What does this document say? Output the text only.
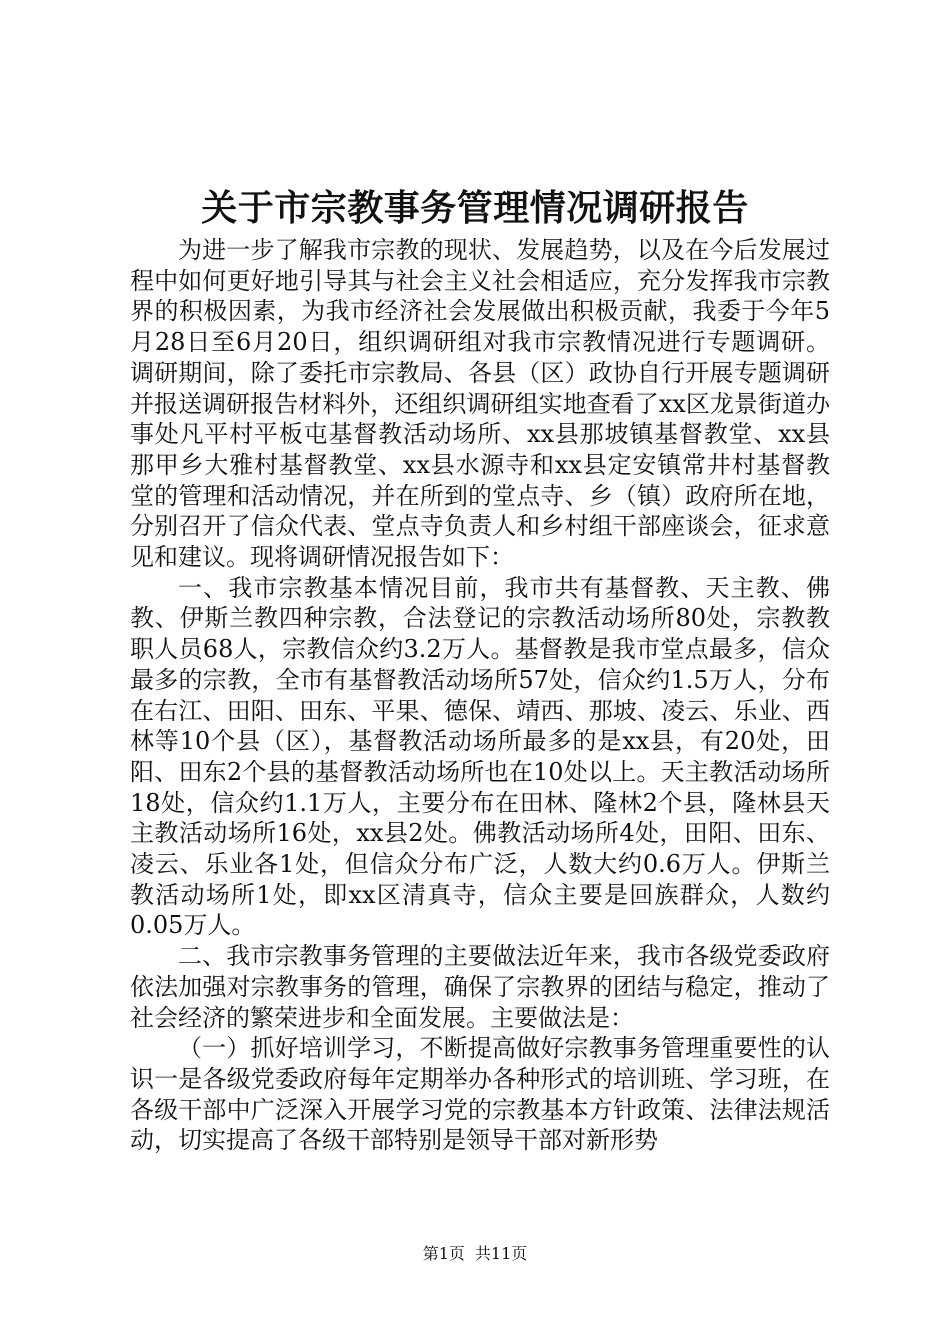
关于市宗教事务管理情况调研报告

为进一步了解我市宗教的现状、发展趋势，以及在今后发展过程中如何更好地引导其与社会主义社会相适应，充分发挥我市宗教界的积极因素，为我市经济社会发展做出积极贡献，我委于今年5月28日至6月20日，组织调研组对我市宗教情况进行专题调研。调研期间，除了委托市宗教局、各县（区）政协自行开展专题调研并报送调研报告材料外，还组织调研组实地查看了xx区龙景街道办事处凡平村平板屯基督教活动场所、xx县那坡镇基督教堂、xx县那甲乡大雅村基督教堂、xx县水源寺和xx县定安镇常井村基督教堂的管理和活动情况，并在所到的堂点寺、乡（镇）政府所在地，分别召开了信众代表、堂点寺负责人和乡村组干部座谈会，征求意见和建议。现将调研情况报告如下：

一、我市宗教基本情况目前，我市共有基督教、天主教、佛教、伊斯兰教四种宗教，合法登记的宗教活动场所80处，宗教教职人员68人，宗教信众约3.2万人。基督教是我市堂点最多，信众最多的宗教，全市有基督教活动场所57处，信众约1.5万人，分布在右江、田阳、田东、平果、德保、靖西、那坡、凌云、乐业、西林等10个县（区），基督教活动场所最多的是xx县，有20处，田阳、田东2个县的基督教活动场所也在10处以上。天主教活动场所18处，信众约1.1万人，主要分布在田林、隆林2个县，隆林县天主教活动场所16处，xx县2处。佛教活动场所4处，田阳、田东、凌云、乐业各1处，但信众分布广泛，人数大约0.6万人。伊斯兰教活动场所1处，即xx区清真寺，信众主要是回族群众，人数约0.05万人。

二、我市宗教事务管理的主要做法近年来，我市各级党委政府依法加强对宗教事务的管理，确保了宗教界的团结与稳定，推动了社会经济的繁荣进步和全面发展。主要做法是：

（一）抓好培训学习，不断提高做好宗教事务管理重要性的认识一是各级党委政府每年定期举办各种形式的培训班、学习班，在各级干部中广泛深入开展学习党的宗教基本方针政策、法律法规活动，切实提高了各级干部特别是领导干部对新形势

第1页 共11页
